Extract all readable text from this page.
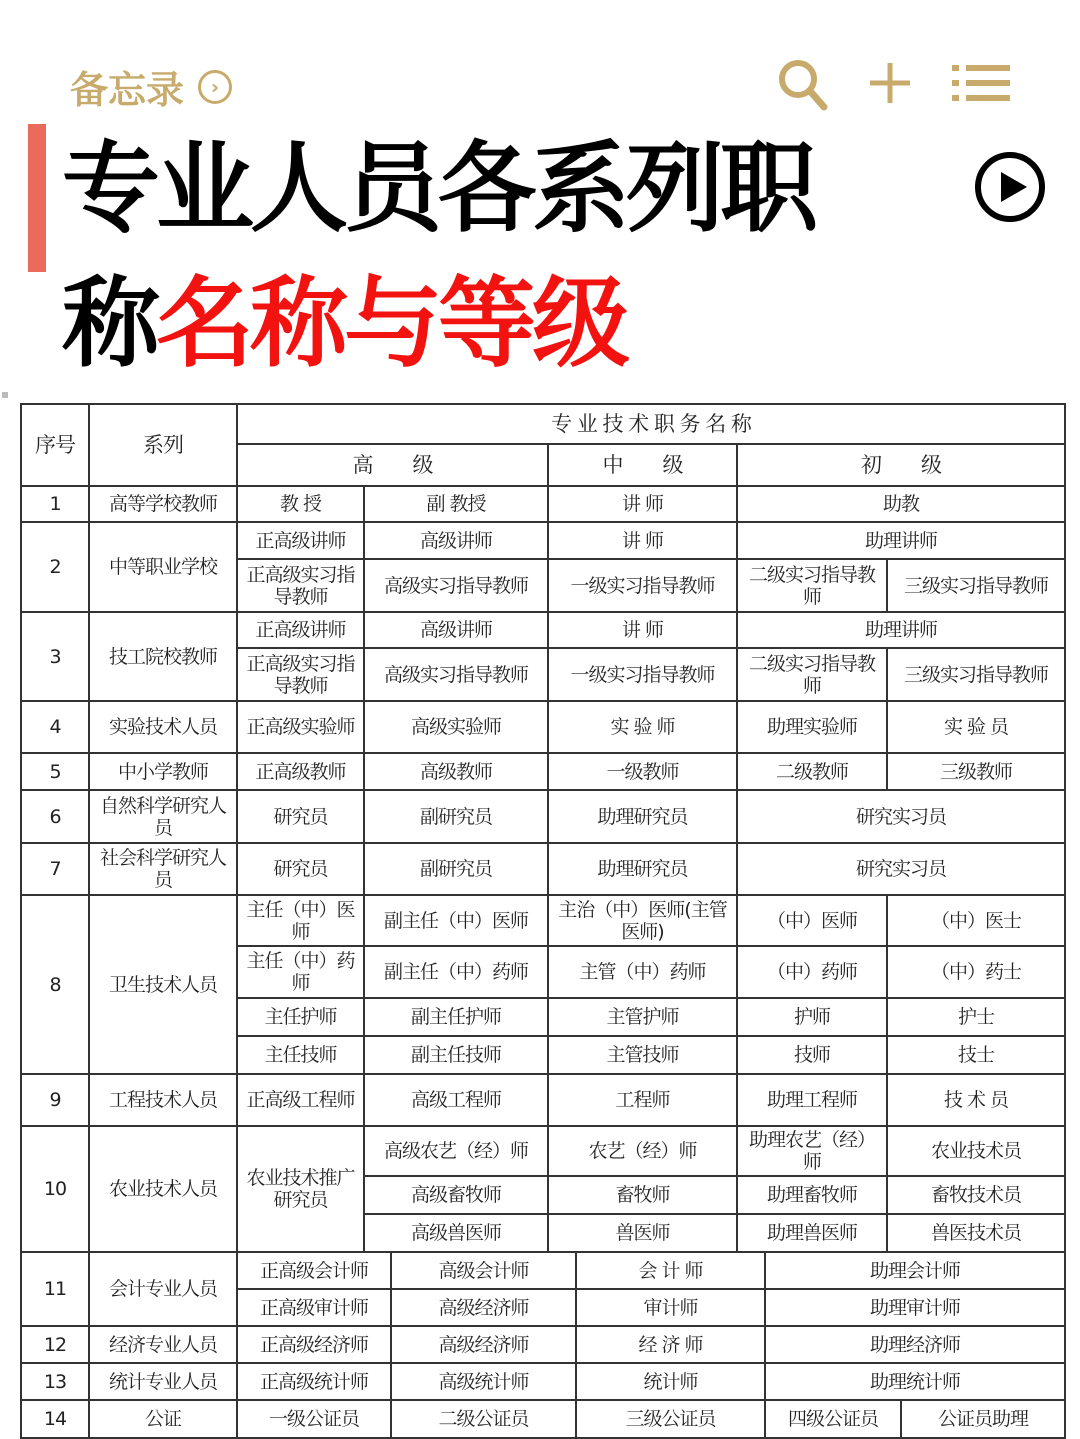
备忘录	›
专业人员各系列职
称名称与等级
序号	系列	专 业 技 术 职 务 名 称				
		高　　级		中　　级	初　　级	
1	高等学校教师	教 授	副 教授	讲 师	助教	
2	中等职业学校	正高级讲师	高级讲师	讲 师	助理讲师	
		正高级实习指导教师	高级实习指导教师	一级实习指导教师	二级实习指导教师	三级实习指导教师
3	技工院校教师	正高级讲师	高级讲师	讲 师	助理讲师	
		正高级实习指导教师	高级实习指导教师	一级实习指导教师	二级实习指导教师	三级实习指导教师
4	实验技术人员	正高级实验师	高级实验师	实 验 师	助理实验师	实 验 员
5	中小学教师	正高级教师	高级教师	一级教师	二级教师	三级教师
6	自然科学研究人员	研究员	副研究员	助理研究员	研究实习员	
7	社会科学研究人员	研究员	副研究员	助理研究员	研究实习员	
8	卫生技术人员	主任（中）医师	副主任（中）医师	主治（中）医师(主管医师)	（中）医师	（中）医士
		主任（中）药师	副主任（中）药师	主管（中）药师	（中）药师	（中）药士
		主任护师	副主任护师	主管护师	护师	护士
		主任技师	副主任技师	主管技师	技师	技士
9	工程技术人员	正高级工程师	高级工程师	工程师	助理工程师	技 术 员
10	农业技术人员	农业技术推广研究员	高级农艺（经）师	农艺（经）师	助理农艺（经）师	农业技术员
			高级畜牧师	畜牧师	助理畜牧师	畜牧技术员
			高级兽医师	兽医师	助理兽医师	兽医技术员
11	会计专业人员	正高级会计师	高级会计师	会 计 师	助理会计师	
		正高级审计师	高级经济师	审计师	助理审计师	
12	经济专业人员	正高级经济师	高级经济师	经 济 师	助理经济师	
13	统计专业人员	正高级统计师	高级统计师	统计师	助理统计师	
14	公证	一级公证员	二级公证员	三级公证员	四级公证员	公证员助理
